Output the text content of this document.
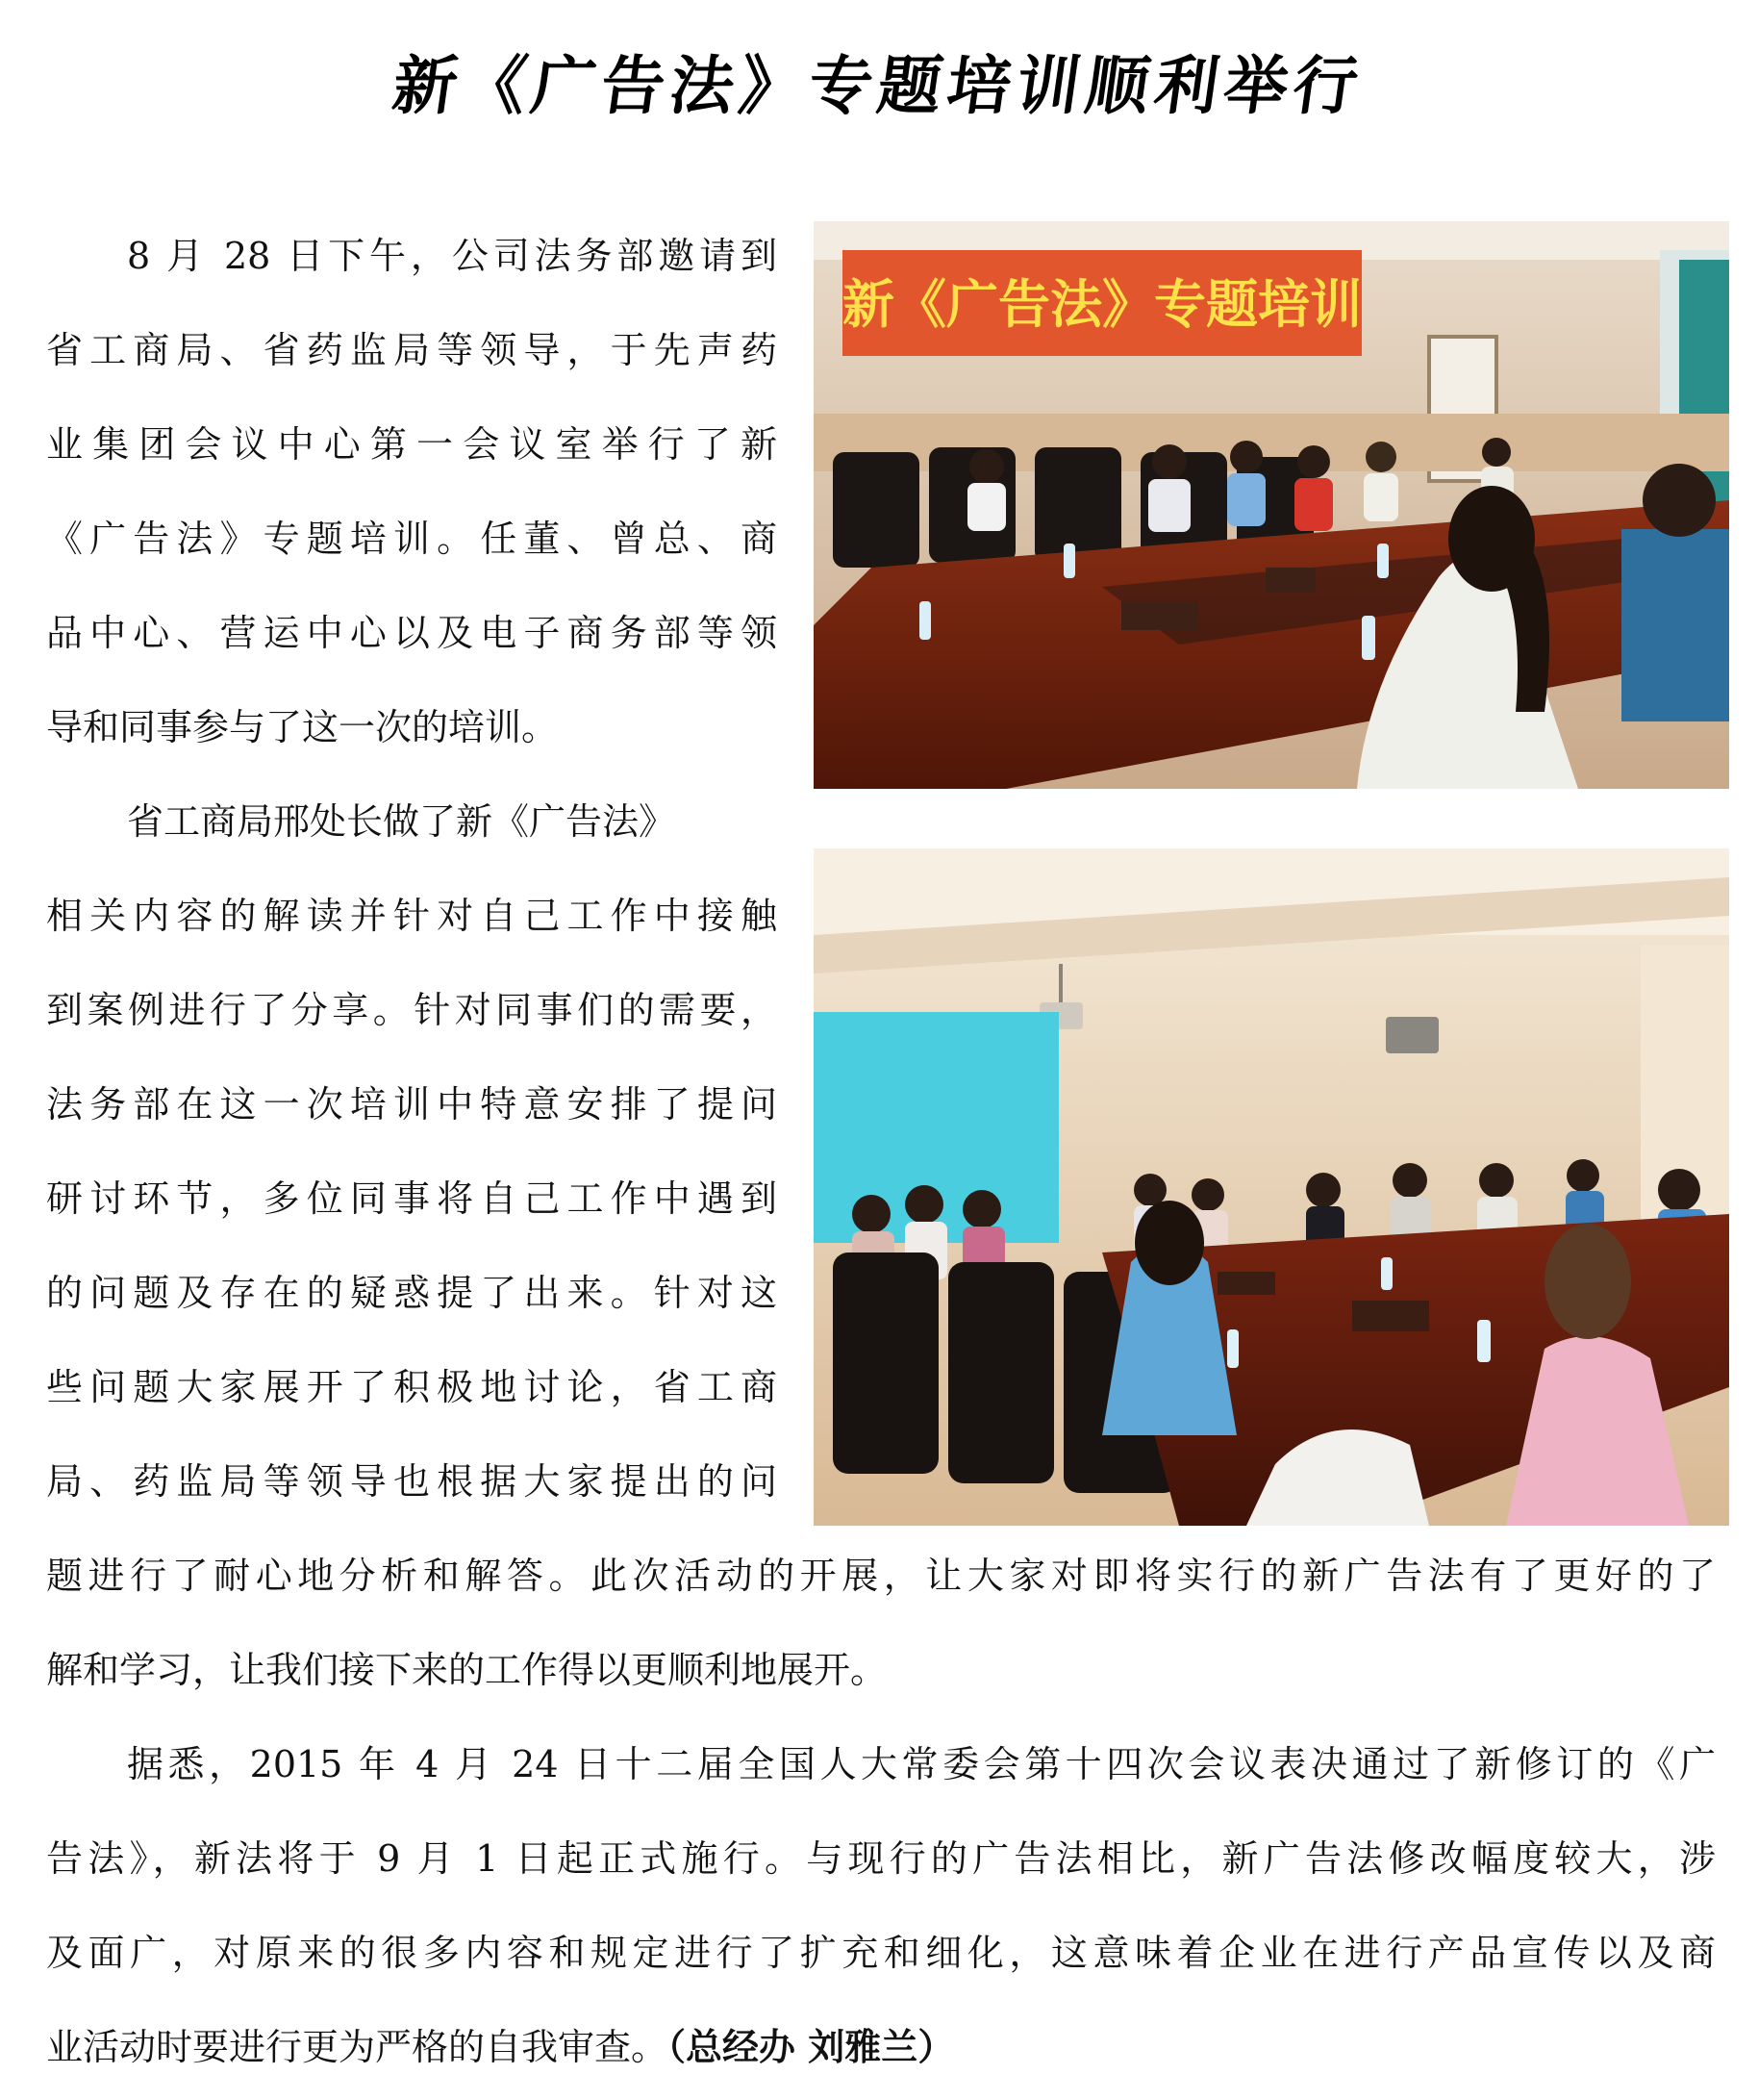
新《广告法》专题培训顺利举行
8 月 28 日下午，公司法务部邀请到
省工商局、省药监局等领导，于先声药
业集团会议中心第一会议室举行了新
《广告法》专题培训。任董、曾总、商
品中心、营运中心以及电子商务部等领
导和同事参与了这一次的培训。
省工商局邢处长做了新《广告法》
相关内容的解读并针对自己工作中接触
到案例进行了分享。针对同事们的需要，
法务部在这一次培训中特意安排了提问
研讨环节，多位同事将自己工作中遇到
的问题及存在的疑惑提了出来。针对这
些问题大家展开了积极地讨论，省工商
局、药监局等领导也根据大家提出的问
题进行了耐心地分析和解答。此次活动的开展，让大家对即将实行的新广告法有了更好的了
解和学习，让我们接下来的工作得以更顺利地展开。
据悉，2015 年 4 月 24 日十二届全国人大常委会第十四次会议表决通过了新修订的《广
告法》，新法将于 9 月 1 日起正式施行。与现行的广告法相比，新广告法修改幅度较大，涉
及面广，对原来的很多内容和规定进行了扩充和细化，这意味着企业在进行产品宣传以及商
业活动时要进行更为严格的自我审查。（总经办 刘雅兰）
新《广告法》专题培训
